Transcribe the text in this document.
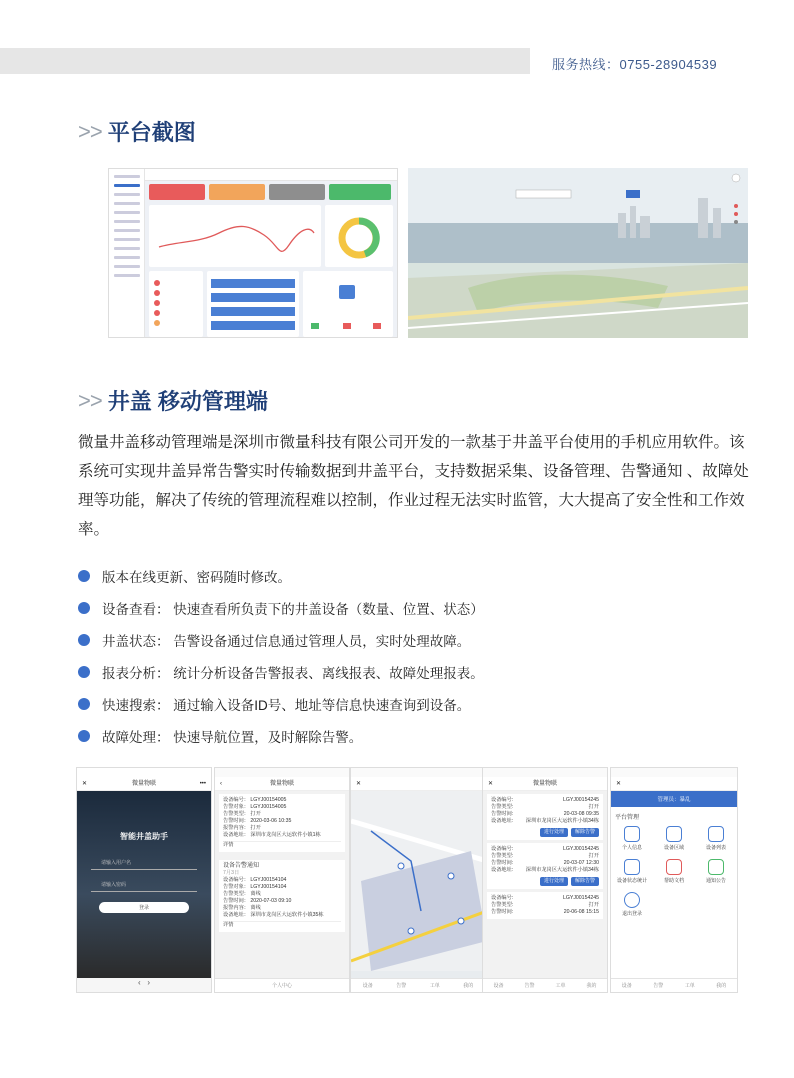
服务热线：0755-28904539
>> 平台截图
>> 井盖 移动管理端

微量井盖移动管理端是深圳市微量科技有限公司开发的一款基于井盖平台使用的手机应用软件。该系统可实现井盖异常告警实时传输数据到井盖平台，支持数据采集、设备管理、告警通知 、故障处理等功能，解决了传统的管理流程难以控制，作业过程无法实时监管，大大提高了安全性和工作效率。

版本在线更新、密码随时修改。
设备查看： 快速查看所负责下的井盖设备（数量、位置、状态）
井盖状态： 告警设备通过信息通过管理人员，实时处理故障。
报表分析： 统计分析设备告警报表、离线报表、故障处理报表。
快速搜索： 通过输入设备ID号、地址等信息快速查询到设备。
故障处理： 快速导航位置，及时解除告警。
✕	微量物联	•••
智能井盖助手
请输入用户名
请输入密码
登录
‹   ›
‹	微量物联
设备编号： LGYJ00154005
告警对象： LGYJ00154005
告警类型： 打开
告警时间： 2020-03-06 10:35
报警内容： 打开
设备地址： 深圳市龙岗区大运软件小镇1栋
详情
设备告警通知
7月3日
设备编号： LGYJ00154104
告警对象： LGYJ00154104
告警类型： 离线
告警时间： 2020-07-03 09:10
报警内容： 离线
设备地址： 深圳市龙岗区大运软件小镇35栋
详情
个人中心
✕
设备	告警	工单	我的
✕	微量物联
设备编号:	LGYJ00154245
告警类型:	打开
告警时间:	20-03-08 09:35
设备地址: 深圳市龙岗区大运软件小镇34栋
进行处理 解除告警
设备编号:	LGYJ00154245
告警类型:	打开
告警时间:	20-03-07 12:30
设备地址: 深圳市龙岗区大运软件小镇34栋
进行处理 解除告警
设备编号:	LGYJ00154245
告警类型:	打开
告警时间:	20-06-08 15:15
设备	告警	工单	我的
✕
管理员：暴乱
平台管理
个人信息	设备区域	设备列表
设备状态统计	帮助文档	通知公告
退出登录
设备	告警	工单	我的
